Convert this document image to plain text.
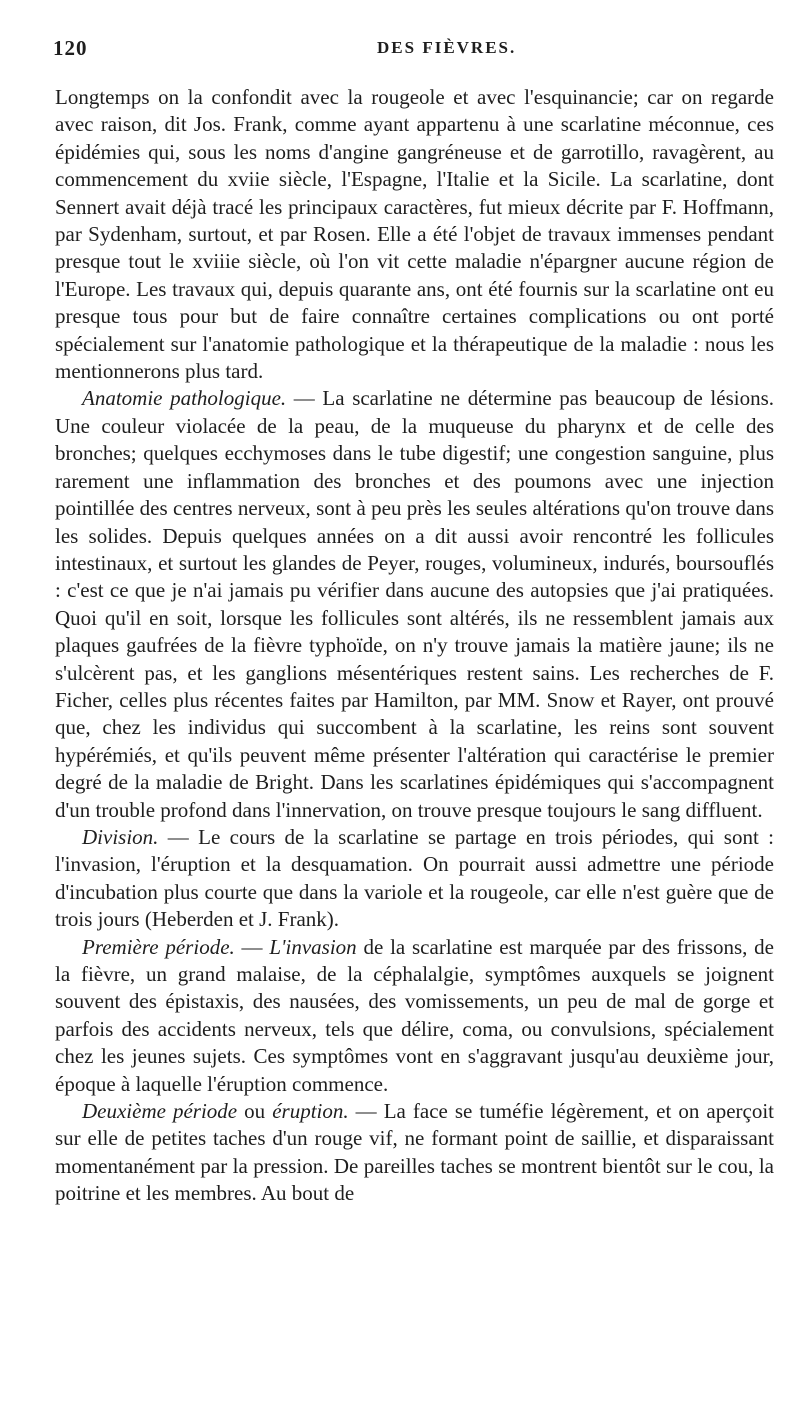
120	DES FIÈVRES.

Longtemps on la confondit avec la rougeole et avec l'esquinancie; car on regarde avec raison, dit Jos. Frank, comme ayant appartenu à une scarlatine méconnue, ces épidémies qui, sous les noms d'angine gangréneuse et de garrotillo, ravagèrent, au commencement du xviie siècle, l'Espagne, l'Italie et la Sicile. La scarlatine, dont Sennert avait déjà tracé les principaux caractères, fut mieux décrite par F. Hoffmann, par Sydenham, surtout, et par Rosen. Elle a été l'objet de travaux immenses pendant presque tout le xviiie siècle, où l'on vit cette maladie n'épargner aucune région de l'Europe. Les travaux qui, depuis quarante ans, ont été fournis sur la scarlatine ont eu presque tous pour but de faire connaître certaines complications ou ont porté spécialement sur l'anatomie pathologique et la thérapeutique de la maladie : nous les mentionnerons plus tard.

Anatomie pathologique. — La scarlatine ne détermine pas beaucoup de lésions. Une couleur violacée de la peau, de la muqueuse du pharynx et de celle des bronches; quelques ecchymoses dans le tube digestif; une congestion sanguine, plus rarement une inflammation des bronches et des poumons avec une injection pointillée des centres nerveux, sont à peu près les seules altérations qu'on trouve dans les solides. Depuis quelques années on a dit aussi avoir rencontré les follicules intestinaux, et surtout les glandes de Peyer, rouges, volumineux, indurés, boursouflés : c'est ce que je n'ai jamais pu vérifier dans aucune des autopsies que j'ai pratiquées. Quoi qu'il en soit, lorsque les follicules sont altérés, ils ne ressemblent jamais aux plaques gaufrées de la fièvre typhoïde, on n'y trouve jamais la matière jaune; ils ne s'ulcèrent pas, et les ganglions mésentériques restent sains. Les recherches de F. Ficher, celles plus récentes faites par Hamilton, par MM. Snow et Rayer, ont prouvé que, chez les individus qui succombent à la scarlatine, les reins sont souvent hypérémiés, et qu'ils peuvent même présenter l'altération qui caractérise le premier degré de la maladie de Bright. Dans les scarlatines épidémiques qui s'accompagnent d'un trouble profond dans l'innervation, on trouve presque toujours le sang diffluent.

Division. — Le cours de la scarlatine se partage en trois périodes, qui sont : l'invasion, l'éruption et la desquamation. On pourrait aussi admettre une période d'incubation plus courte que dans la variole et la rougeole, car elle n'est guère que de trois jours (Heberden et J. Frank).

Première période. — L'invasion de la scarlatine est marquée par des frissons, de la fièvre, un grand malaise, de la céphalalgie, symptômes auxquels se joignent souvent des épistaxis, des nausées, des vomissements, un peu de mal de gorge et parfois des accidents nerveux, tels que délire, coma, ou convulsions, spécialement chez les jeunes sujets. Ces symptômes vont en s'aggravant jusqu'au deuxième jour, époque à laquelle l'éruption commence.

Deuxième période ou éruption. — La face se tuméfie légèrement, et on aperçoit sur elle de petites taches d'un rouge vif, ne formant point de saillie, et disparaissant momentanément par la pression. De pareilles taches se montrent bientôt sur le cou, la poitrine et les membres. Au bout de
